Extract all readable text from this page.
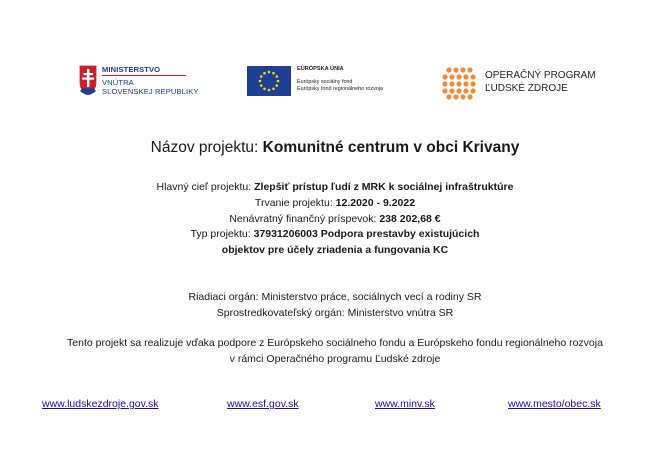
MINISTERSTVO
VNÚTRA
SLOVENSKEJ REPUBLIKY
EURÓPSKA ÚNIA
Európsky sociálny fond
Európsky fond regionálneho rozvoja
OPERAČNÝ PROGRAM
ĽUDSKÉ ZDROJE
Názov projektu: Komunitné centrum v obci Krivany
Hlavný cieľ projektu: Zlepšiť prístup ľudí z MRK k sociálnej infraštruktúre
Trvanie projektu: 12.2020 - 9.2022
Nenávratný finančný príspevok: 238 202,68 €
Typ projektu: 37931206003 Podpora prestavby existujúcich
objektov pre účely zriadenia a fungovania KC
Riadiaci orgán: Ministerstvo práce, sociálnych vecí a rodiny SR
Sprostredkovateľský orgán: Ministerstvo vnútra SR
Tento projekt sa realizuje vďaka podpore z Európskeho sociálneho fondu a Európskeho fondu regionálneho rozvoja
v rámci Operačného programu Ľudské zdroje
www.ludskezdroje.gov.sk	www.esf.gov.sk	www.minv.sk	www.mesto/obec.sk
